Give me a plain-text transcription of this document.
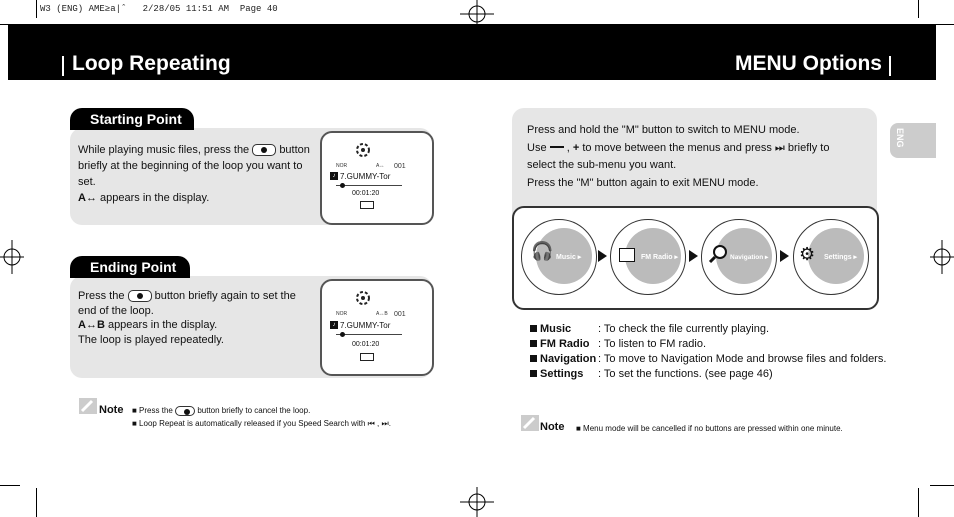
W3 (ENG) AME≥a|ˆ   2/28/05 11:51 AM  Page 40
Loop Repeating	MENU Options
ENG
Starting Point
While playing music files, press the	button
briefly at the beginning of the loop you want to set.
A↔ appears in the display.
NOR	A↔ 001
♪ 7.GUMMY-Tor
00:01:20
Ending Point
Press the	button briefly again to set the
end of the loop.
A↔B appears in the display.
The loop is played repeatedly.
NOR	A↔B 001
♪ 7.GUMMY-Tor
00:01:20
Note ■ Press the	button briefly to cancel the loop.
■ Loop Repeat is automatically released if you Speed Search with ⏮ , ⏭.
Press and hold the "M" button to switch to MENU mode.
Use , + to move between the menus and press ⏭ briefly to
select the sub-menu you want.
Press the "M" button again to exit MENU mode.
🎧 Music ▸	FM Radio ▸	Navigation ▸ ⚙ Settings ▸
Music : To check the file currently playing.
FM Radio : To listen to FM radio.
Navigation : To move to Navigation Mode and browse files and folders.
Settings : To set the functions. (see page 46)
Note ■ Menu mode will be cancelled if no buttons are pressed within one minute.
